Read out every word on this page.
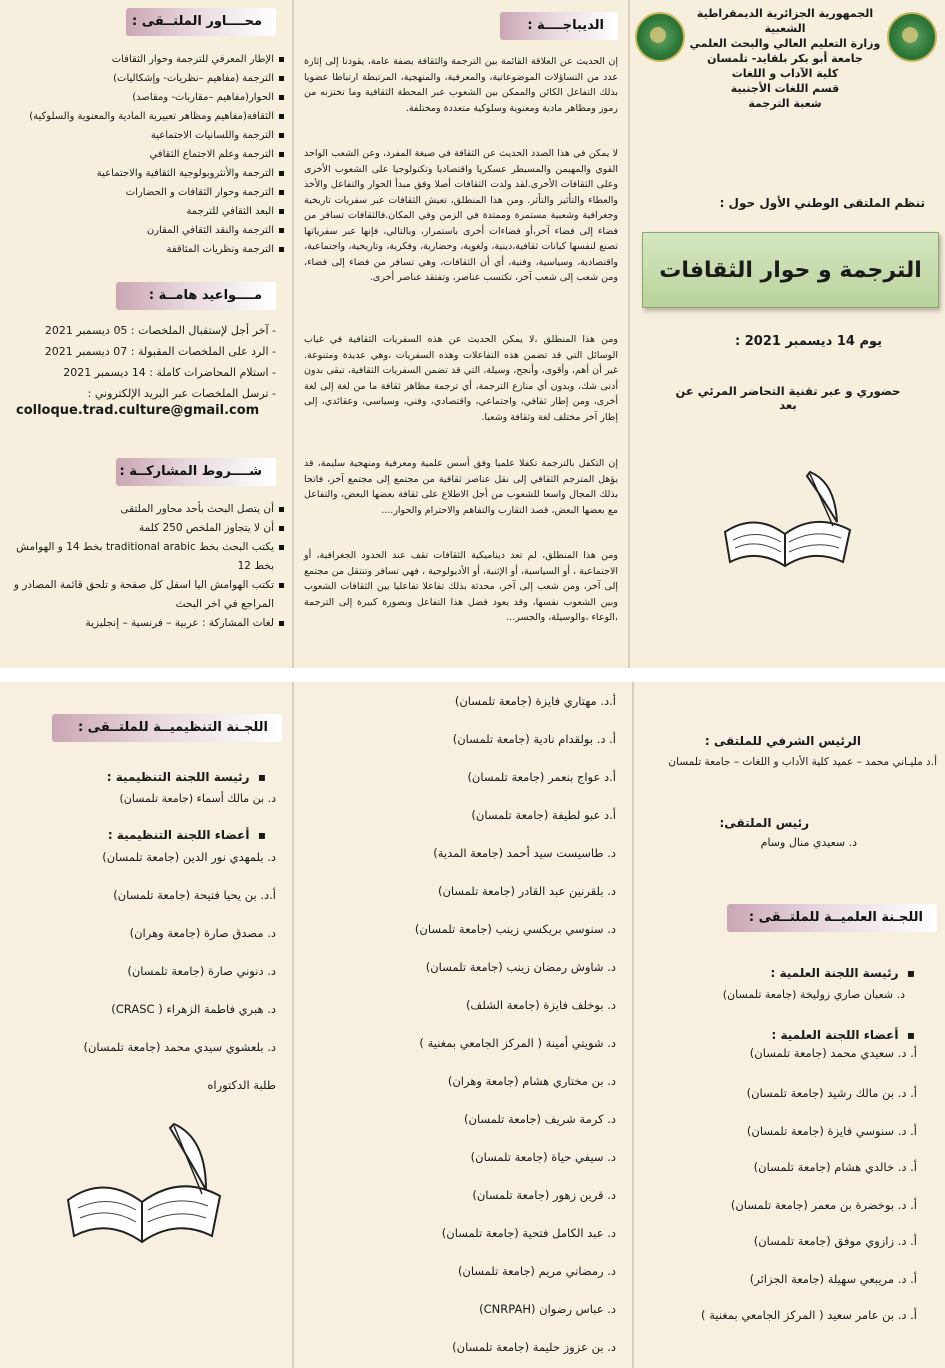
الجمهورية الجزائرية الديمقراطية الشعبية
وزارة التعليم العالي والبحث العلمي
جامعة أبو بكر بلقايد- تلمسان
كلية الآداب و اللغات
قسم اللغات الأجنبية
شعبة الترجمة
تنظم الملتقى الوطني الأول حول :
الترجمة و حوار الثقافات
يوم 14 ديسمبر 2021 :
حضوري و عبر تقنية التحاضر المرئي عن بعد
الديباجــــة :
إن الحديث عن العلاقة القائمة بين الترجمة والثقافة بصفة عامة، يقودنا إلى إثارة عدد من التساؤلات الموضوعاتية، والمعرفية، والمنهجية، المرتبطة ارتباطا عضويا بذلك التفاعل الكائن والممكن بين الشعوب عبر المحطة الثقافية وما تختزنه من رموز ومظاهر مادية ومعنوية وسلوكية متعددة ومختلفة.
لا يمكن في هذا الصدد الحديث عن الثقافة في صيغة المفرد، وعن الشعب الواحد القوي والمهيمن والمسيطر عسكريا واقتصاديا وتكنولوجيا على الشعوب الأخرى وعلى الثقافات الأخرى.لقد ولدت الثقافات أصلا وفق مبدأ الحوار والتفاعل والأخذ والعطاء والتأثير والتأثر. ومن هذا المنطلق، تعيش الثقافات عبر سفريات تاريخية وجغرافية وشعبية مستمرة وممتدة في الزمن وفي المكان.فالثقافات تسافر من فضاء إلى فضاء آخر،أو فضاءات أخرى باستمرار، وبالتالي، فإنها عبر سفرياتها تصنع لنفسها كيانات ثقافية،دينية، ولغوية، وحضارية، وفكرية، وتاريخية، واجتماعية، واقتصادية، وسياسية، وفنية، أي أن الثقافات، وهي تسافر من فضاء إلى فضاء، ومن شعب إلى شعب آخر، تكتسب عناصر، وتفتقد عناصر أخرى.
ومن هذا المنطلق ،لا يمكن الحديث عن هذه السفريات الثقافية في غياب الوسائل التي قد تضمن هذه التفاعلات وهذه السفريات ،وهي عديدة ومتنوعة. غير أن أهم، وأقوى، وأنجح، وسيلة، التي قد تضمن السفريات الثقافية، تبقى بدون أدنى شك، وبدون أي منازع الترجمة، أي ترجمة مظاهر ثقافة ما من لغة إلى لغة أخرى، ومن إطار ثقافي، واجتماعي، واقتصادي، وفني، وسياسي، وعقائدي، إلى إطار آخر مختلف لغة وثقافة وشعبا.
إن التكفل بالترجمة تكفلا علميا وفق أسس علمية ومعرفية ومنهجية سليمة، قد يؤهل المترجم الثقافي إلى نقل عناصر ثقافية من مجتمع إلى مجتمع آخر، فاتحا بذلك المجال واسعا للشعوب من أجل الاطلاع على ثقافة بعضها البعض، والتفاعل مع بعضها البعض، قصد التقارب والتفاهم والاحترام والحوار....
ومن هذا المنطلق، لم تعد ديناميكية الثقافات تقف عند الحدود الجغرافية، أو الاجتماعية ، أو السياسية، أو الإثنية، أو الأديولوجية ، فهي تسافر وتنتقل من مجتمع إلى آخر، ومن شعب إلى آخر، محدثة بذلك تفاعلا تفاعليا بين الثقافات الشعوب وبين الشعوب نفسها، وقد يعود فضل هذا التفاعل وبصورة كبيرة إلى الترجمة ،الوعاء ،والوسيلة، والجسر...
محــــاور الملتــقى :
الإطار المعرفي للترجمة وحوار الثقافات
الترجمة (مفاهيم –نظريات- وإشكاليات)
الحوار(مفاهيم –مقاربات- ومقاصد)
الثقافة(مفاهيم ومظاهر تعبيرية المادية والمعنوية والسلوكية)
الترجمة واللسانيات الاجتماعية
الترجمة وعلم الاجتماع الثقافي
الترجمة والأنثروبولوجية الثقافية والاجتماعية
الترجمة وحوار الثقافات و الحضارات
البعد الثقافي للترجمة
الترجمة والنقد الثقافي المقارن
الترجمة ونظريات المثاقفة
مــــواعيد هامــة :
- آخر أجل لإستقبال الملخصات : 05 ديسمبر 2021
- الرد على الملخصات المقبولة : 07 ديسمبر 2021
- استلام المحاضرات كاملة : 14 ديسمبر 2021
- ترسل الملخصات عبر البريد الإلكتروني :
colloque.trad.culture@gmail.com
شــــروط المشاركــة :
أن يتصل البحث بأحد محاور الملتقى
أن لا يتجاوز الملخص 250 كلمة
يكتب البحث بخط traditional arabic بخط 14 و الهوامش بخط 12
تكتب الهوامش اليا اسفل كل صفحة و تلحق قائمة المصادر و المراجع في اخر البحث
لغات المشاركة : عربية – فرنسية – إنجليزية
الرئيس الشرفي للملتقى :
أ.د مليـاني محمد – عميد كلية الأداب و اللغات – جامعة تلمسان
رئيس الملتقى:
د. سعيدي منال وسام
اللجـنة العلميــة للملتــقى :
▪  رئيسة اللجنة العلمية :
د. شعبان صاري زوليخة (جامعة تلمسان)
▪  أعضاء اللجنة العلمية :
أ. د. سعيدي محمد (جامعة تلمسان)
أ. د. بن مالك رشيد (جامعة تلمسان)
أ. د. سنوسي فايزة (جامعة تلمسان)
أ. د. خالدي هشام (جامعة تلمسان)
أ. د. بوخضرة بن معمر (جامعة تلمسان)
أ. د. زازوي موفق (جامعة تلمسان)
أ. د. مريبعي سهيلة (جامعة الجزائر)
أ. د. بن عامر سعيد ( المركز الجامعي بمغنية )
أ.د. مهتاري فايزة (جامعة تلمسان)
أ. د. بولقدام نادية (جامعة تلمسان)
أ.د عواج بنعمر (جامعة تلمسان)
أ.د عبو لطيفة (جامعة تلمسان)
د. طاسيست سيد أحمد (جامعة المدية)
د. بلقرنين عبد القادر (جامعة تلمسان)
د. سنوسي بريكسي زينب (جامعة تلمسان)
د. شاوش رمضان زينب (جامعة تلمسان)
د. بوخلف فايزة (جامعة الشلف)
د. شويتي أمينة ( المركز الجامعي بمغنية )
د. بن مختاري هشام (جامعة وهران)
د. كرمة شريف (جامعة تلمسان)
د. سيفي حياة (جامعة تلمسان)
د. قرين زهور (جامعة تلمسان)
د. عبد الكامل فتحية (جامعة تلمسان)
د. رمضاني مريم (جامعة تلمسان)
د. عباس رضوان (CNRPAH)
د. بن عزوز حليمة (جامعة تلمسان)
اللجـنة التنظيميــة للملتــقى :
▪  رئيسة اللجنة التنظيمية :
د. بن مالك أسماء (جامعة تلمسان)
▪  أعضاء اللجنة التنظيمية :
د. بلمهدي نور الدين (جامعة تلمسان)
أ.د. بن يحيا فتيحة (جامعة تلمسان)
د. مصدق صارة (جامعة وهران)
د. دنوني صارة (جامعة تلمسان)
د. هبري فاطمة الزهراء ( CRASC)
د. بلعشوي سيدي محمد (جامعة تلمسان)
طلبة الدكتوراه
